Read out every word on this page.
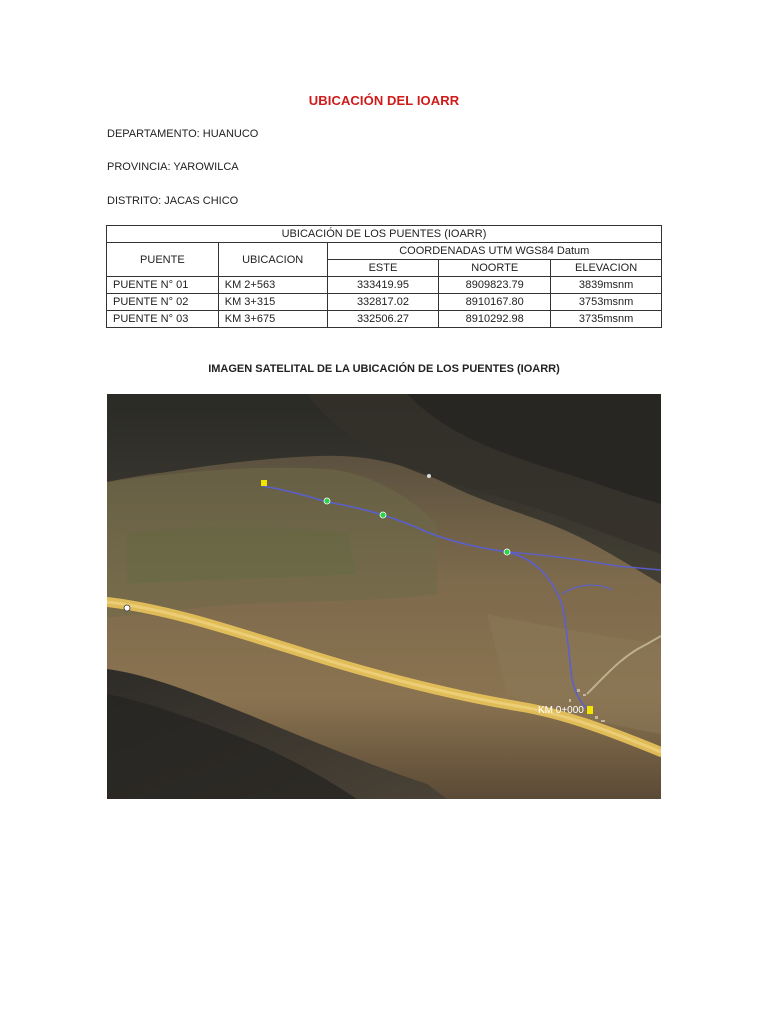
UBICACIÓN DEL IOARR
DEPARTAMENTO: HUANUCO
PROVINCIA: YAROWILCA
DISTRITO: JACAS CHICO
UBICACIÓN DE LOS PUENTES (IOARR)				
PUENTE	UBICACION	COORDENADAS UTM WGS84 Datum		
		ESTE	NOORTE	ELEVACION
PUENTE N° 01	KM 2+563	333419.95	8909823.79	3839msnm
PUENTE N° 02	KM 3+315	332817.02	8910167.80	3753msnm
PUENTE N° 03	KM 3+675	332506.27	8910292.98	3735msnm
IMAGEN SATELITAL DE LA UBICACIÓN DE LOS PUENTES (IOARR)
KM 0+000
